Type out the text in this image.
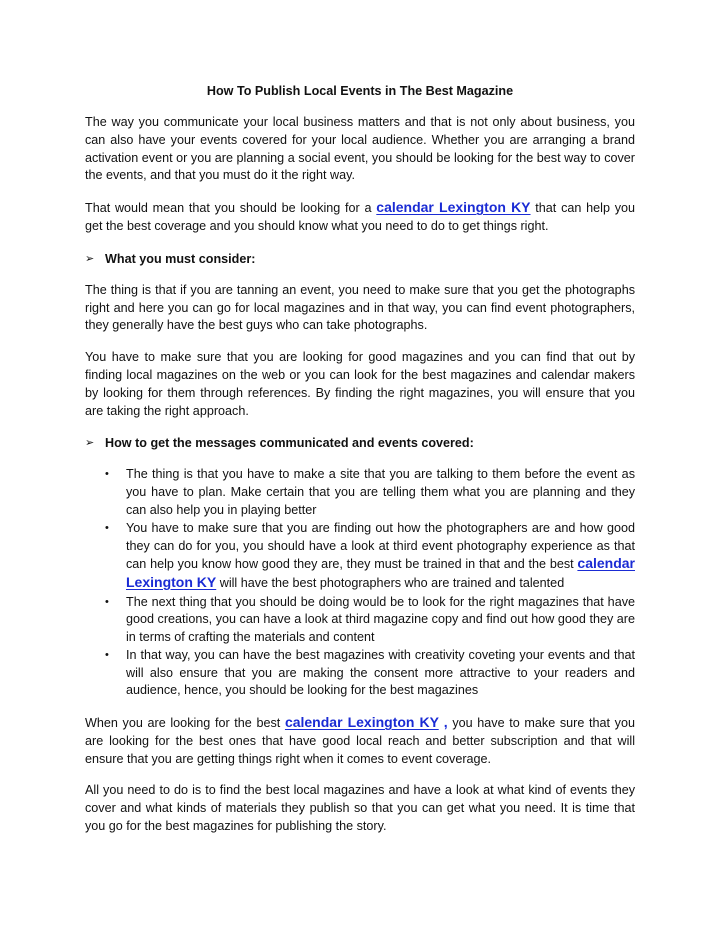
How To Publish Local Events in The Best Magazine

The way you communicate your local business matters and that is not only about business, you can also have your events covered for your local audience. Whether you are arranging a brand activation event or you are planning a social event, you should be looking for the best way to cover the events, and that you must do it the right way.

That would mean that you should be looking for a calendar Lexington KY that can help you get the best coverage and you should know what you need to do to get things right.

➢ What you must consider:

The thing is that if you are tanning an event, you need to make sure that you get the photographs right and here you can go for local magazines and in that way, you can find event photographers, they generally have the best guys who can take photographs.

You have to make sure that you are looking for good magazines and you can find that out by finding local magazines on the web or you can look for the best magazines and calendar makers by looking for them through references. By finding the right magazines, you will ensure that you are taking the right approach.

➢ How to get the messages communicated and events covered:
• The thing is that you have to make a site that you are talking to them before the event as you have to plan. Make certain that you are telling them what you are planning and they can also help you in playing better
• You have to make sure that you are finding out how the photographers are and how good they can do for you, you should have a look at third event photography experience as that can help you know how good they are, they must be trained in that and the best calendar Lexington KY will have the best photographers who are trained and talented
• The next thing that you should be doing would be to look for the right magazines that have good creations, you can have a look at third magazine copy and find out how good they are in terms of crafting the materials and content
• In that way, you can have the best magazines with creativity coveting your events and that will also ensure that you are making the consent more attractive to your readers and audience, hence, you should be looking for the best magazines

When you are looking for the best calendar Lexington KY , you have to make sure that you are looking for the best ones that have good local reach and better subscription and that will ensure that you are getting things right when it comes to event coverage.

All you need to do is to find the best local magazines and have a look at what kind of events they cover and what kinds of materials they publish so that you can get what you need. It is time that you go for the best magazines for publishing the story.
